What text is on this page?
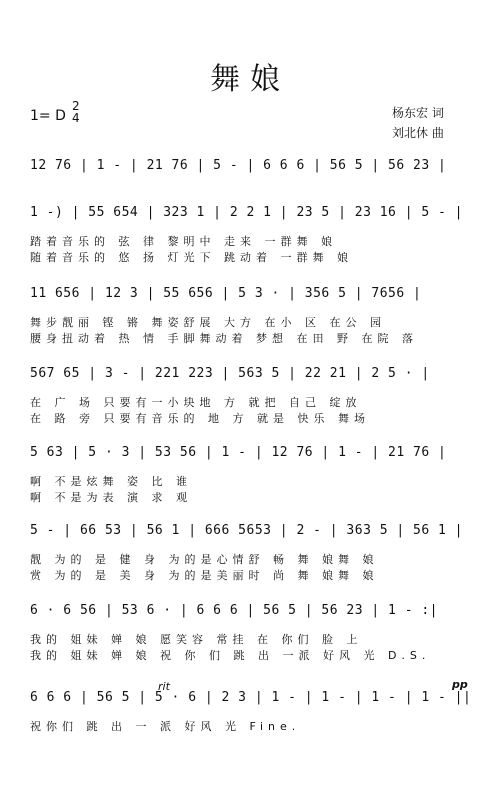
舞娘
1= D
2
4	杨东宏 词
刘北休 曲
12 76 | 1 - | 21 76 | 5 - | 6 6 6 | 56 5 | 56 23 |
1 -) | 55 654 | 323 1 | 2 2 1 | 23 5 | 23 16 | 5 - |
踏着音乐的 弦 律 黎明中 走来 一群舞 娘
随着音乐的 悠 扬 灯光下 跳动着 一群舞 娘
11 656 | 12 3 | 55 656 | 5 3 · | 356 5 | 7656 |
舞步靓丽 铿 锵 舞姿舒展 大方 在小 区 在公 园
腰身扭动着 热 情 手脚舞动着 梦想 在田 野 在院 落
567 65 | 3 - | 221 223 | 563 5 | 22 21 | 2 5 · |
在 广 场 只要有一小块地 方 就把 自己 绽放
在 路 旁 只要有音乐的 地 方 就是 快乐 舞场
5 63 | 5 · 3 | 53 56 | 1 - | 12 76 | 1 - | 21 76 |
啊 不是炫舞 姿 比 谁
啊 不是为表 演 求 观
5 - | 66 53 | 56 1 | 666 5653 | 2 - | 363 5 | 56 1 |
靓 为的 是 健 身 为的是心情舒 畅 舞 娘舞 娘
赏 为的 是 美 身 为的是美丽时 尚 舞 娘舞 娘
6 · 6 56 | 53 6 · | 6 6 6 | 56 5 | 56 23 | 1 - :|
我的 姐妹 婵 娘 愿笑容 常挂 在 你们 脸 上
我的 姐妹 婵 娘 祝 你 们 跳 出 一派 好风 光 D.S.
6 6 6 | 56 5 | 5 · 6 | 2 3 | 1 - | 1 - | 1 - | 1 - ||
祝你们 跳 出 一 派 好风 光 Fine.
rit	pp
